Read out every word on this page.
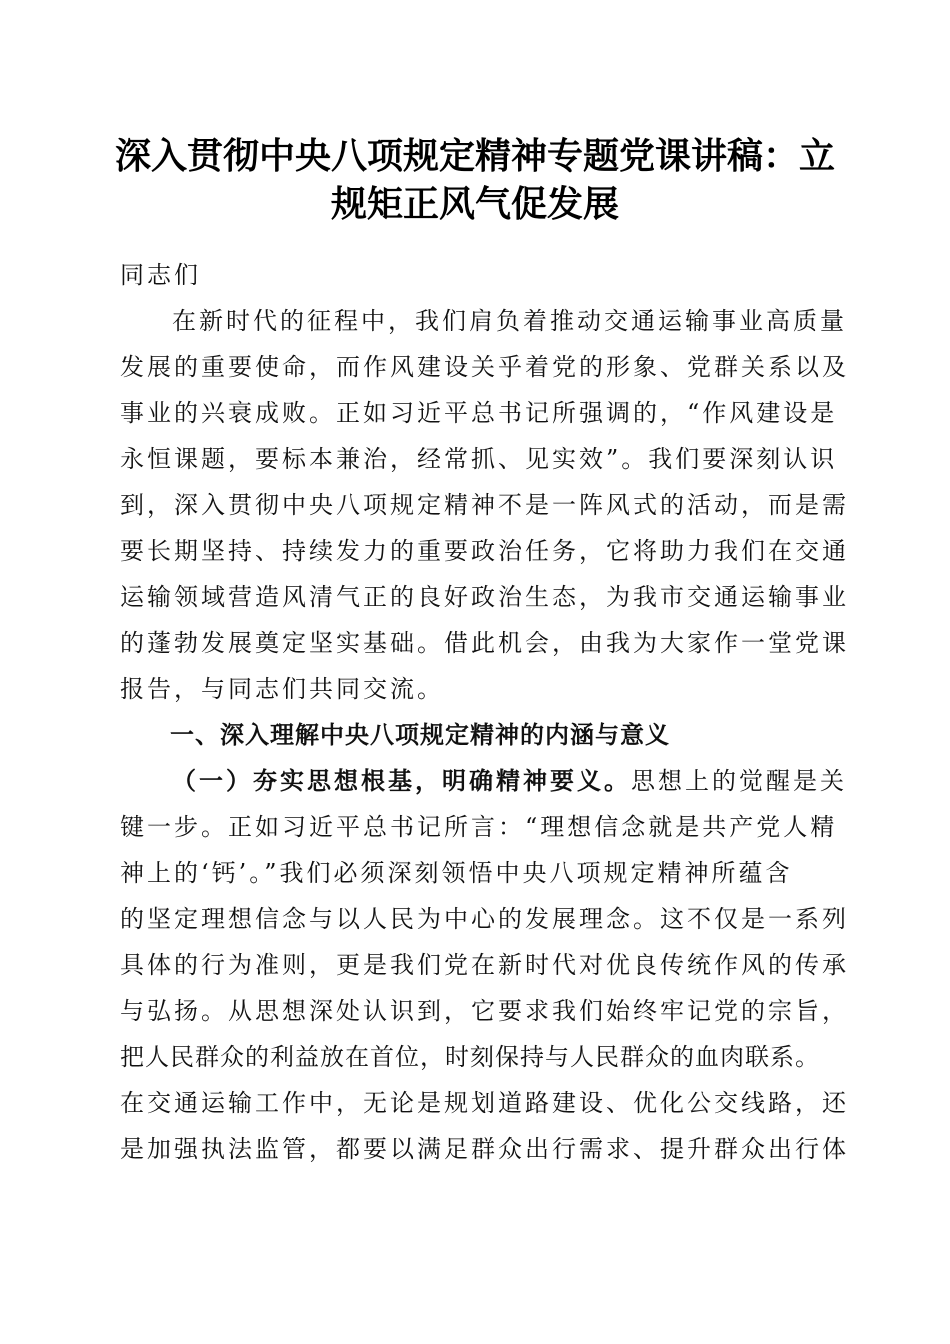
深入贯彻中央八项规定精神专题党课讲稿：立
规矩正风气促发展
同志们
在新时代的征程中，我们肩负着推动交通运输事业高质量
发展的重要使命，而作风建设关乎着党的形象、党群关系以及
事业的兴衰成败。正如习近平总书记所强调的，“作风建设是
永恒课题，要标本兼治，经常抓、见实效”。我们要深刻认识
到，深入贯彻中央八项规定精神不是一阵风式的活动，而是需
要长期坚持、持续发力的重要政治任务，它将助力我们在交通
运输领域营造风清气正的良好政治生态，为我市交通运输事业
的蓬勃发展奠定坚实基础。借此机会，由我为大家作一堂党课
报告，与同志们共同交流。
一、深入理解中央八项规定精神的内涵与意义
（一）夯实思想根基，明确精神要义。思想上的觉醒是关
键一步。正如习近平总书记所言：“理想信念就是共产党人精
神上的‘钙’。”我们必须深刻领悟中央八项规定精神所蕴含
的坚定理想信念与以人民为中心的发展理念。这不仅是一系列
具体的行为准则，更是我们党在新时代对优良传统作风的传承
与弘扬。从思想深处认识到，它要求我们始终牢记党的宗旨，
把人民群众的利益放在首位，时刻保持与人民群众的血肉联系。
在交通运输工作中，无论是规划道路建设、优化公交线路，还
是加强执法监管，都要以满足群众出行需求、提升群众出行体
